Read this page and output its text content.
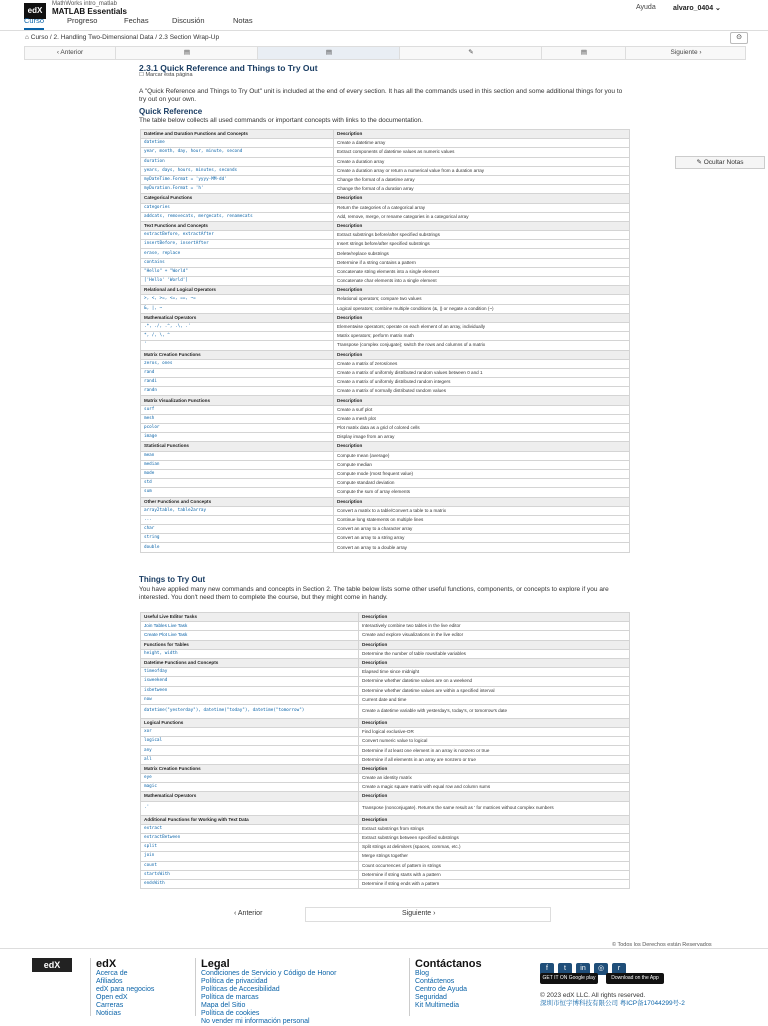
edX
MathWorks intro_matlab
MATLAB Essentials	Ayuda alvaro_0404 ⌄
Curso	Progreso	Fechas	Discusión	Notas
⌂ Curso / 2. Handling Two-Dimensional Data / 2.3 Section Wrap-Up	⊙
‹ Anterior	▤	▤	✎	▤	Siguiente ›
2.3.1 Quick Reference and Things to Try Out
☐ Marcar esta página
A "Quick Reference and Things to Try Out" unit is included at the end of every section. It has all the commands used in this section and some additional things for you to try out on your own.
Quick Reference
The table below collects all used commands or important concepts with links to the documentation.
Datetime and Duration Functions and Concepts	Description
datetime	Create a datetime array
year, month, day, hour, minute, second	Extract components of datetime values as numeric values
duration	Create a duration array
years, days, hours, minutes, seconds	Create a duration array or return a numerical value from a duration array
myDateTime.Format = 'yyyy-MM-dd'	Change the format of a datetime array
myDuration.Format = 'h'	Change the format of a duration array
Categorical Functions	Description
categories	Return the categories of a categorical array
addcats, removecats, mergecats, renamecats	Add, remove, merge, or rename categories in a categorical array
Text Functions and Concepts	Description
extractBefore, extractAfter	Extract substrings before/after specified substrings
insertBefore, insertAfter	Insert strings before/after specified substrings
erase, replace	Delete/replace substrings
contains	Determine if a string contains a pattern
"Hello" + "World"	Concatenate string elements into a single element
['Hello' 'World']	Concatenate char elements into a single element
Relational and Logical Operators	Description
>, <, >=, <=, ==, ~=	Relational operators; compare two values
&, |, ~	Logical operators; combine multiple conditions (&, |) or negate a condition (~)
Mathematical Operators	Description
.*, ./, .^, .\, .'	Elementwise operators; operate on each element of an array, individually
*, /, \, ^	Matrix operators; perform matrix math
'	Transpose (complex conjugate); switch the rows and columns of a matrix
Matrix Creation Functions	Description
zeros, ones	Create a matrix of zeros/ones
rand	Create a matrix of uniformly distributed random values between 0 and 1
randi	Create a matrix of uniformly distributed random integers
randn	Create a matrix of normally distributed random values
Matrix Visualization Functions	Description
surf	Create a surf plot
mesh	Create a mesh plot
pcolor	Plot matrix data as a grid of colored cells
image	Display image from an array
Statistical Functions	Description
mean	Compute mean (average)
median	Compute median
mode	Compute mode (most frequent value)
std	Compute standard deviation
sum	Compute the sum of array elements
Other Functions and Concepts	Description
array2table, table2array	Convert a matrix to a table/Convert a table to a matrix
...	Continue long statements on multiple lines
char	Convert an array to a character array
string	Convert an array to a string array
double	Convert an array to a double array
✎ Ocultar Notas
Things to Try Out
You have applied many new commands and concepts in Section 2. The table below lists some other useful functions, components, or concepts to explore if you are interested. You don't need them to complete the course, but they might come in handy.
Useful Live Editor Tasks	Description
Join Tables Live Task	Interactively combine two tables in the live editor
Create Plot Live Task	Create and explore visualizations in the live editor
Functions for Tables	Description
height, width	Determine the number of table rows/table variables
Datetime Functions and Concepts	Description
timeofday	Elapsed time since midnight
isweekend	Determine whether datetime values are on a weekend
isbetween	Determine whether datetime values are within a specified interval
now	Current date and time
datetime("yesterday"), datetime("today"), datetime("tomorrow")	Create a datetime variable with yesterday's, today's, or tomorrow's date
Logical Functions	Description
xor	Find logical exclusive-OR
logical	Convert numeric value to logical
any	Determine if at least one element in an array is nonzero or true
all	Determine if all elements in an array are nonzero or true
Matrix Creation Functions	Description
eye	Create an identity matrix
magic	Create a magic square matrix with equal row and column sums
Mathematical Operators	Description
.'	Transpose (nonconjugate). Returns the same result as ' for matrices without complex numbers
Additional Functions for Working with Text Data	Description
extract	Extract substrings from strings
extractBetween	Extract substrings between specified substrings
split	Split strings at delimiters (spaces, commas, etc.)
join	Merge strings together
count	Count occurrences of pattern in strings
startsWith	Determine if string starts with a pattern
endsWith	Determine if string ends with a pattern
‹ Anterior	Siguiente ›
© Todos los Derechos están Reservados
edX	edX
Acerca de
Afiliados
edX para negocios
Open edX
Carreras
Noticias
Legal
Condiciones de Servicio y Código de Honor
Política de privacidad
Políticas de Accesibilidad
Política de marcas
Mapa del Sitio
Política de cookies
No vender mi información personal
Contáctanos
Blog
Contáctenos
Centro de Ayuda
Seguridad
Kit Multimedia
f t in ◎ r
GET IT ON Google play	Download on the App Store
© 2023 edX LLC. All rights reserved.
深圳市恒宇博科技有限公司 粤ICP备17044299号-2
